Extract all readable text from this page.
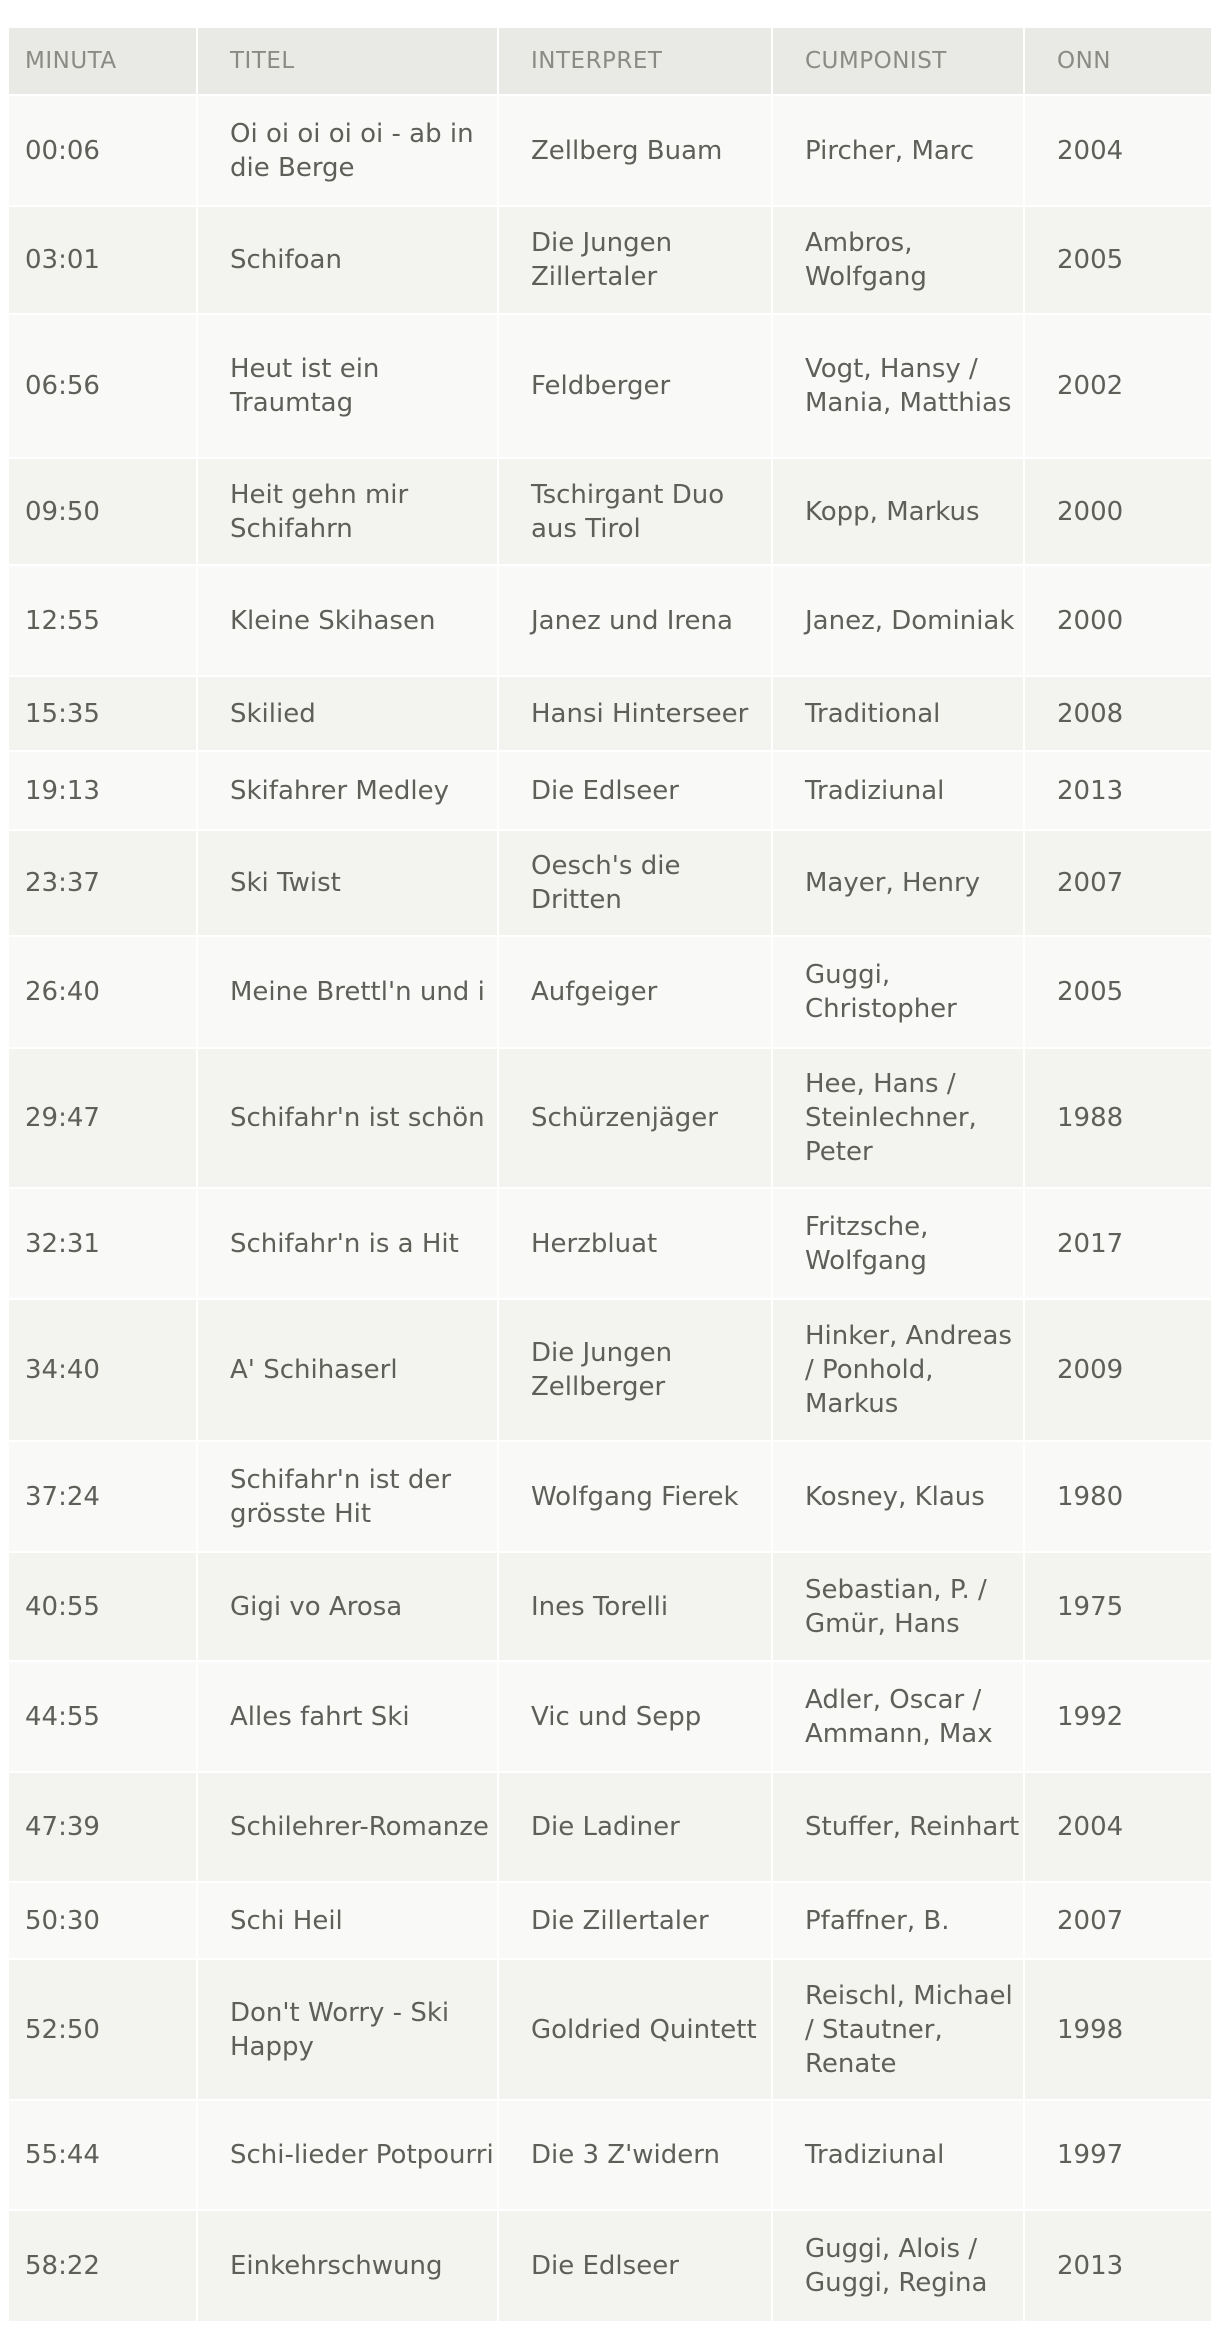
MINUTA	TITEL	INTERPRET	CUMPONIST	ONN
00:06	Oi oi oi oi oi - ab in die Berge	Zellberg Buam	Pircher, Marc	2004
03:01	Schifoan	Die Jungen Zillertaler	Ambros, Wolfgang	2005
06:56	Heut ist ein Traumtag	Feldberger	Vogt, Hansy / Mania, Matthias	2002
09:50	Heit gehn mir Schifahrn	Tschirgant Duo aus Tirol	Kopp, Markus	2000
12:55	Kleine Skihasen	Janez und Irena	Janez, Dominiak	2000
15:35	Skilied	Hansi Hinterseer	Traditional	2008
19:13	Skifahrer Medley	Die Edlseer	Tradiziunal	2013
23:37	Ski Twist	Oesch's die Dritten	Mayer, Henry	2007
26:40	Meine Brettl'n und i	Aufgeiger	Guggi, Christopher	2005
29:47	Schifahr'n ist schön	Schürzenjäger	Hee, Hans / Steinlechner, Peter	1988
32:31	Schifahr'n is a Hit	Herzbluat	Fritzsche, Wolfgang	2017
34:40	A' Schihaserl	Die Jungen Zellberger	Hinker, Andreas / Ponhold, Markus	2009
37:24	Schifahr'n ist der grösste Hit	Wolfgang Fierek	Kosney, Klaus	1980
40:55	Gigi vo Arosa	Ines Torelli	Sebastian, P. / Gmür, Hans	1975
44:55	Alles fahrt Ski	Vic und Sepp	Adler, Oscar / Ammann, Max	1992
47:39	Schilehrer-Romanze	Die Ladiner	Stuffer, Reinhart	2004
50:30	Schi Heil	Die Zillertaler	Pfaffner, B.	2007
52:50	Don't Worry - Ski Happy	Goldried Quintett	Reischl, Michael / Stautner, Renate	1998
55:44	Schi-lieder Potpourri	Die 3 Z'widern	Tradiziunal	1997
58:22	Einkehrschwung	Die Edlseer	Guggi, Alois / Guggi, Regina	2013
